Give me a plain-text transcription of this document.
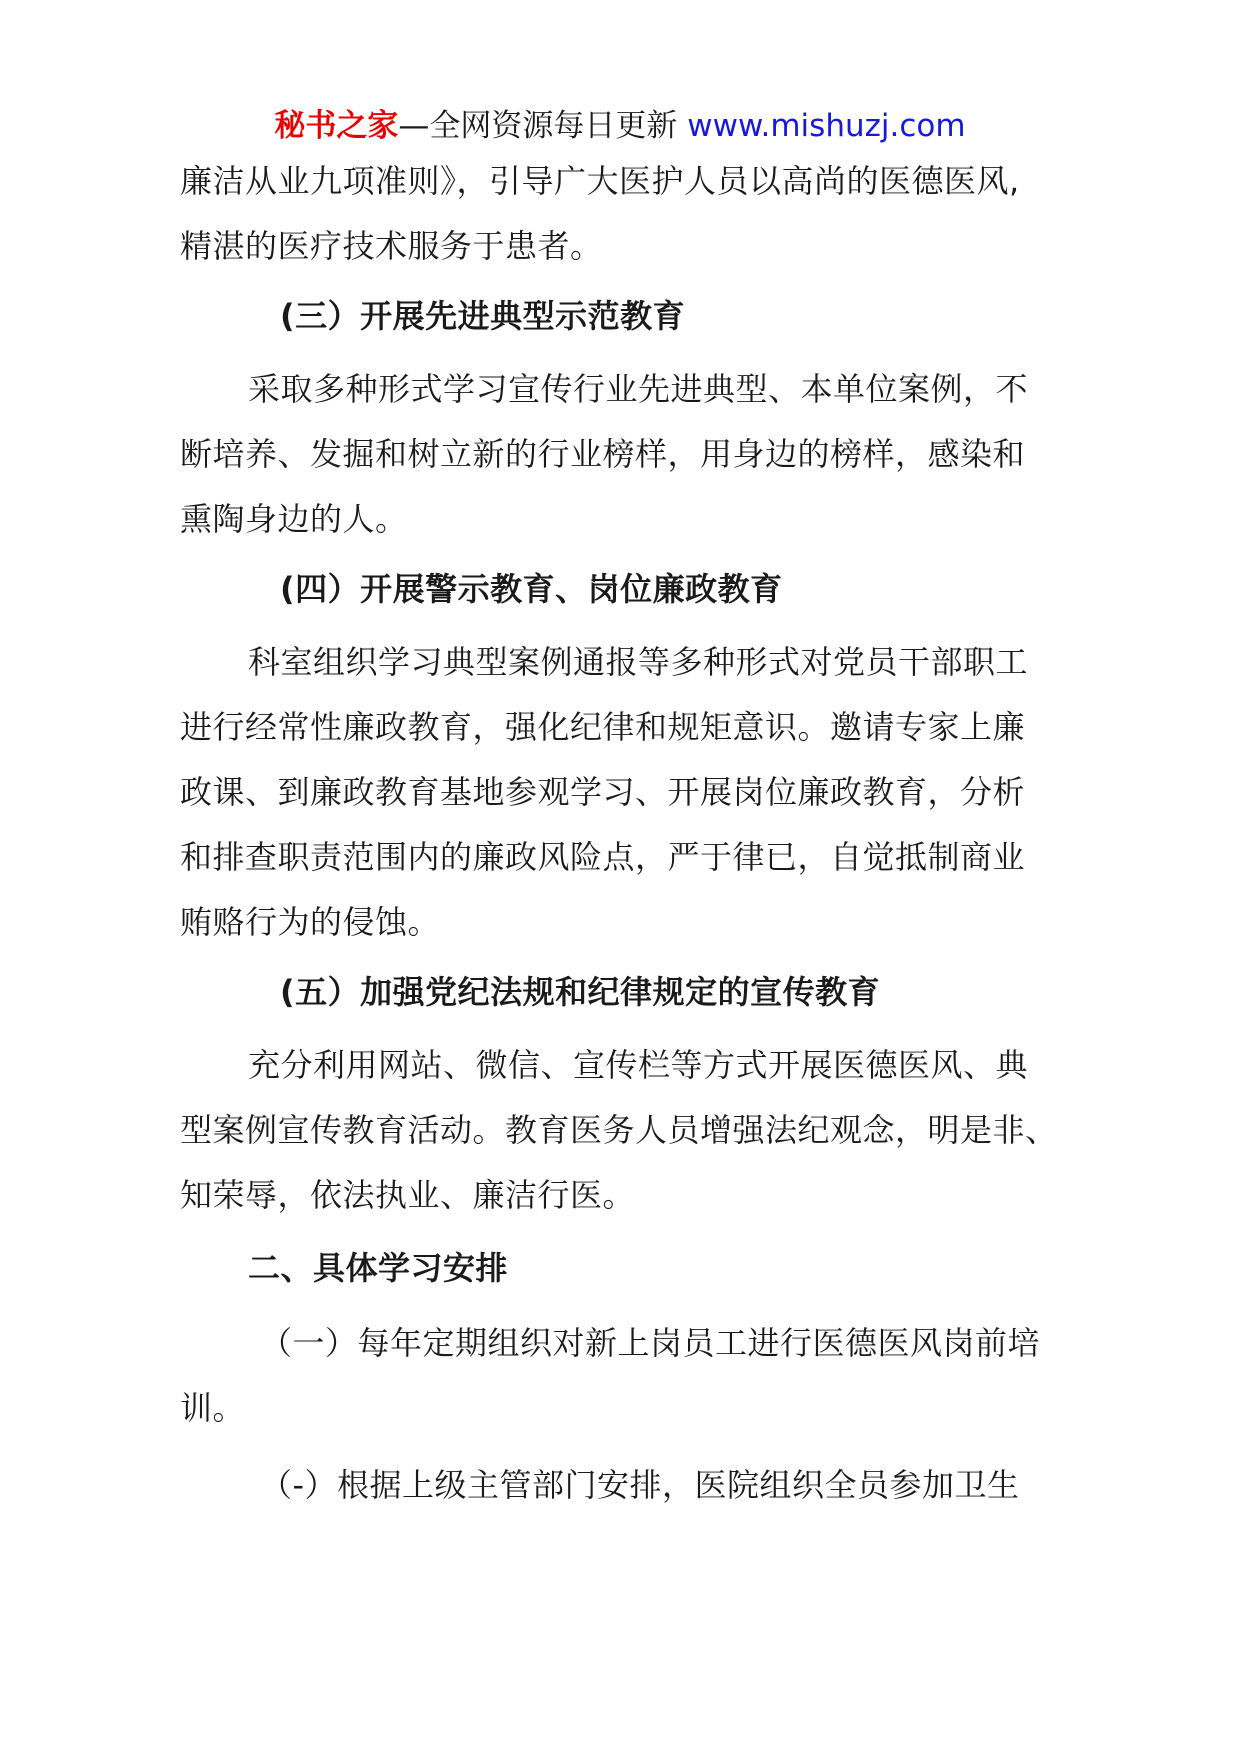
秘书之家—全网资源每日更新 www.mishuzj.com

廉洁从业九项准则》，引导广大医护人员以高尚的医德医风,
精湛的医疗技术服务于患者。

(三）开展先进典型示范教育

采取多种形式学习宣传行业先进典型、本单位案例，不
断培养、发掘和树立新的行业榜样，用身边的榜样，感染和
熏陶身边的人。

(四）开展警示教育、岗位廉政教育

科室组织学习典型案例通报等多种形式对党员干部职工
进行经常性廉政教育，强化纪律和规矩意识。邀请专家上廉
政课、到廉政教育基地参观学习、开展岗位廉政教育，分析
和排查职责范围内的廉政风险点，严于律已，自觉抵制商业
贿赂行为的侵蚀。

(五）加强党纪法规和纪律规定的宣传教育

充分利用网站、微信、宣传栏等方式开展医德医风、典
型案例宣传教育活动。教育医务人员增强法纪观念，明是非、
知荣辱，依法执业、廉洁行医。

二、具体学习安排

（一）每年定期组织对新上岗员工进行医德医风岗前培
训。

（-）根据上级主管部门安排，医院组织全员参加卫生
